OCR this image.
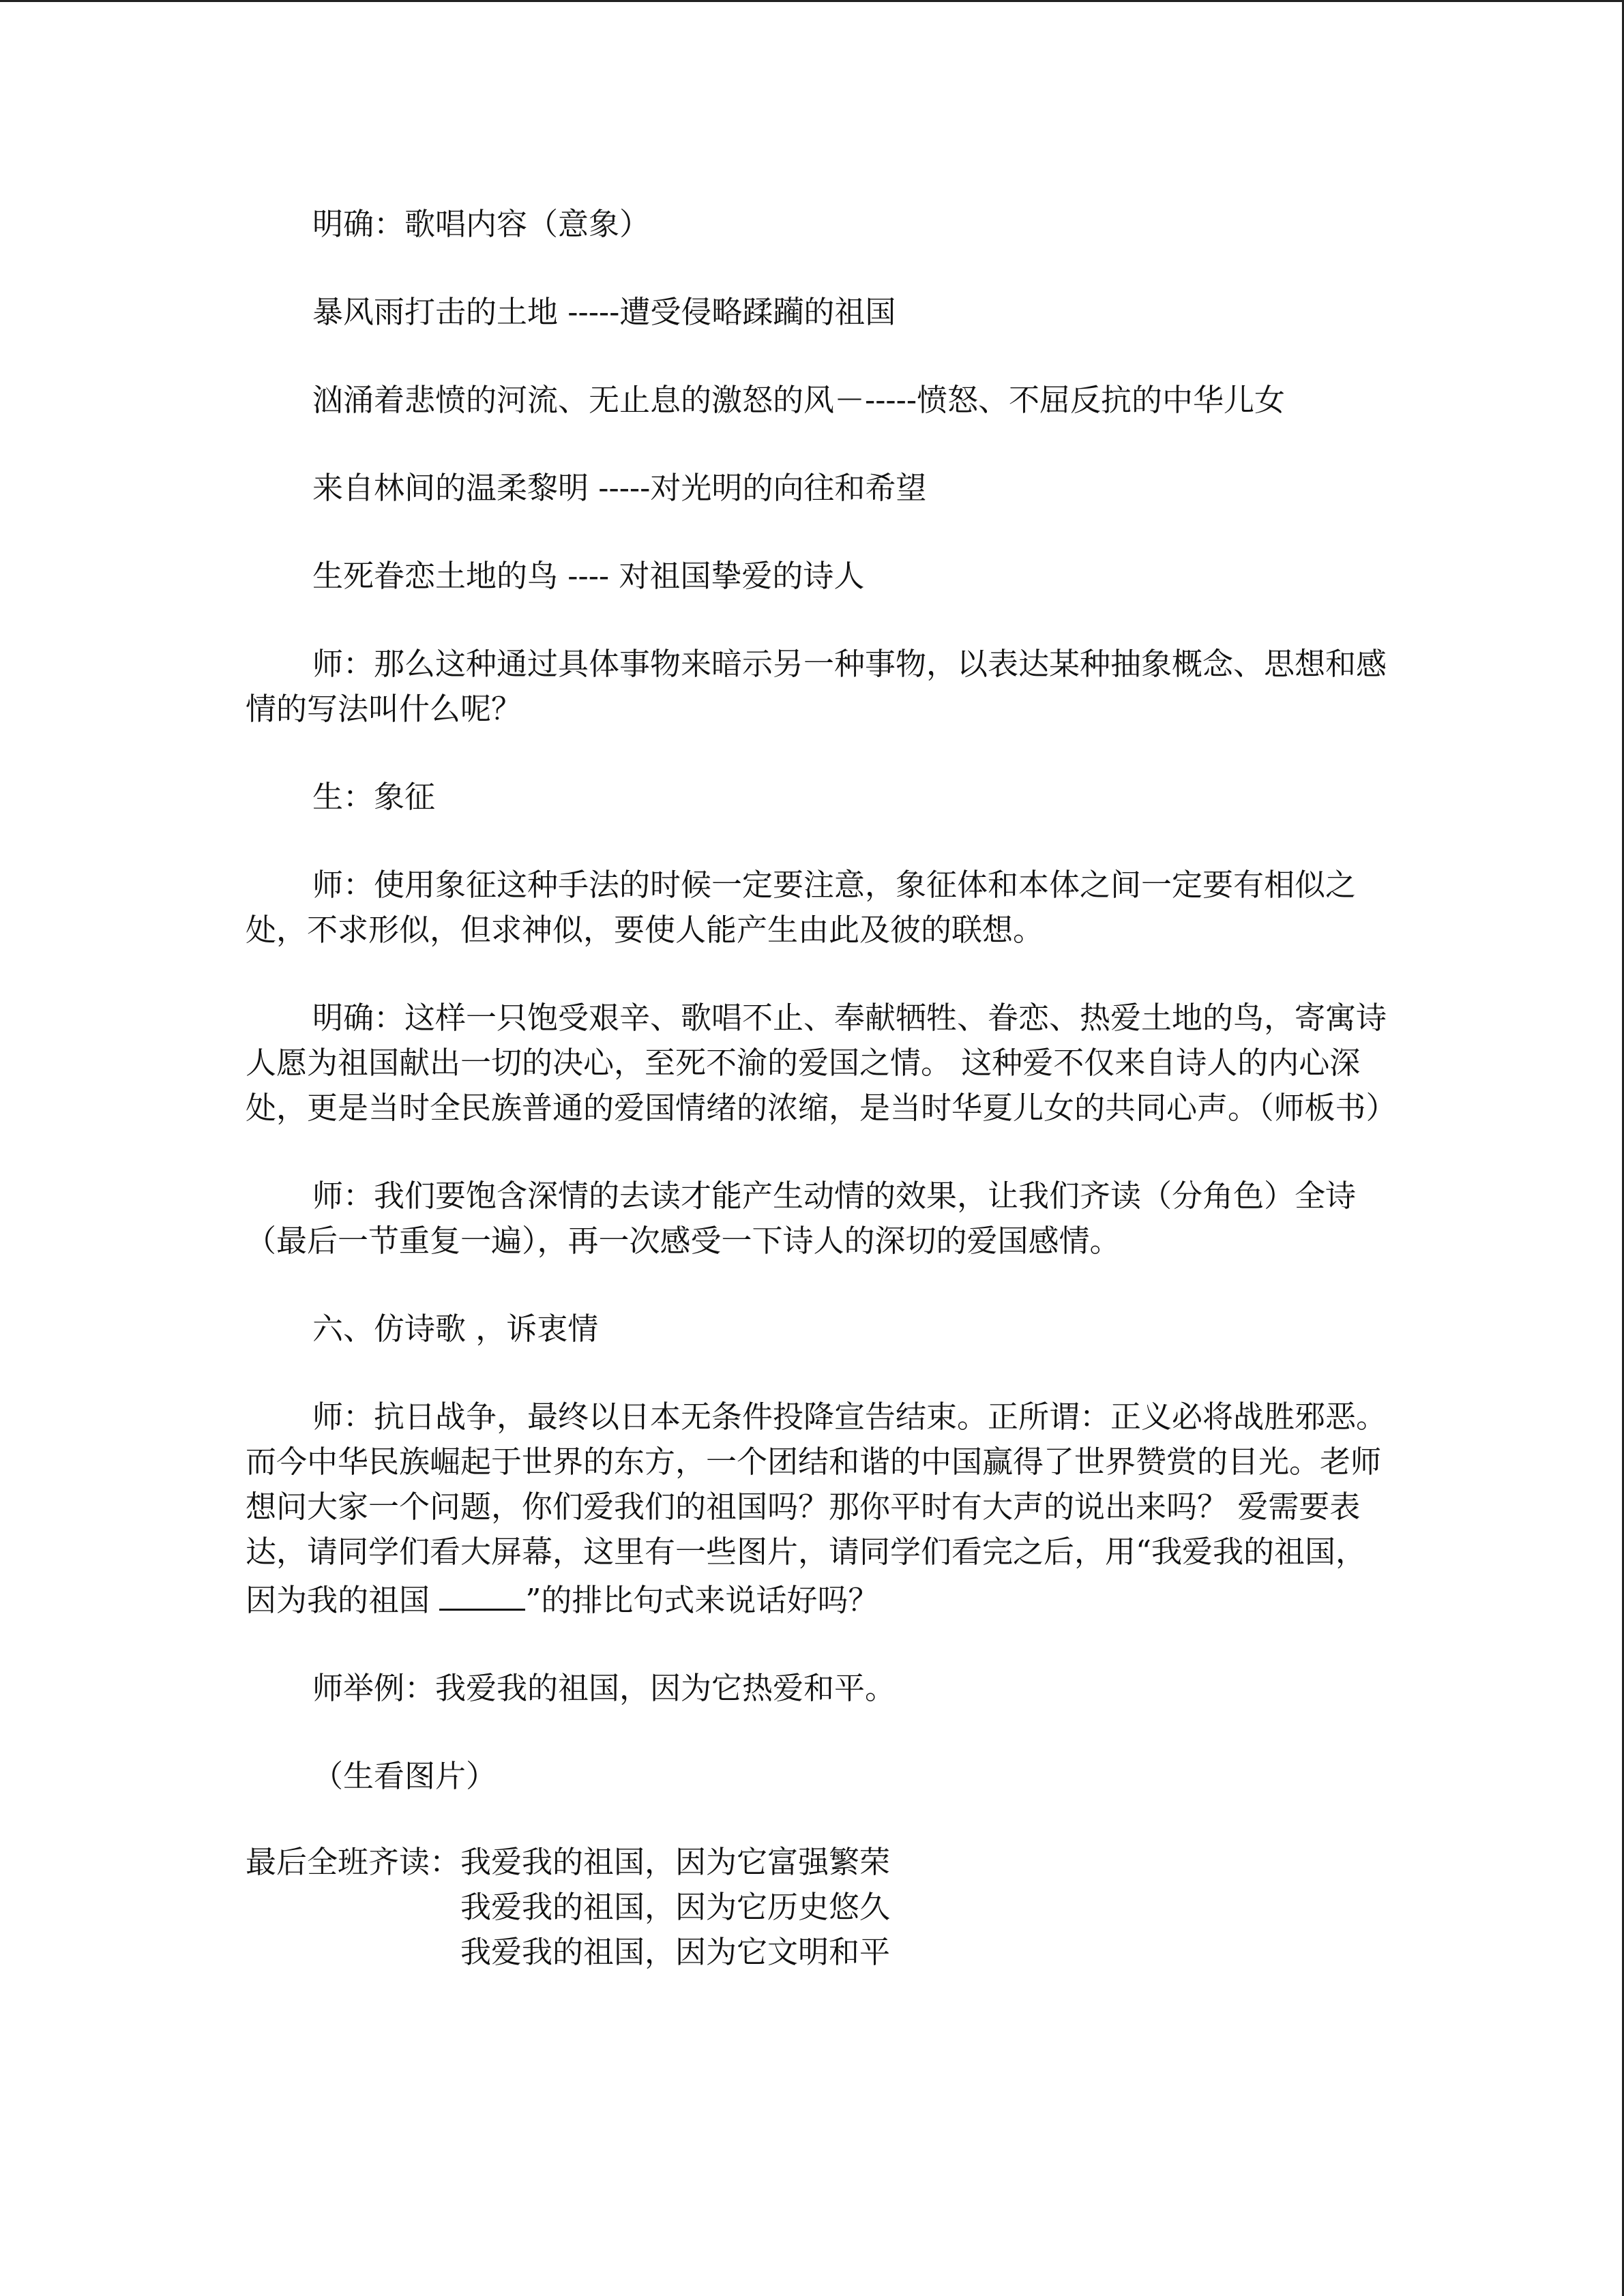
明确：歌唱内容（意象）

暴风雨打击的土地 -----遭受侵略蹂躏的祖国

汹涌着悲愤的河流、无止息的激怒的风－-----愤怒、不屈反抗的中华儿女

来自林间的温柔黎明 -----对光明的向往和希望

生死眷恋土地的鸟 ---- 对祖国挚爱的诗人

师：那么这种通过具体事物来暗示另一种事物，以表达某种抽象概念、思想和感情的写法叫什么呢？

生：象征

师：使用象征这种手法的时候一定要注意，象征体和本体之间一定要有相似之处，不求形似，但求神似，要使人能产生由此及彼的联想。

明确：这样一只饱受艰辛、歌唱不止、奉献牺牲、眷恋、热爱土地的鸟，寄寓诗人愿为祖国献出一切的决心，至死不渝的爱国之情。 这种爱不仅来自诗人的内心深处，更是当时全民族普通的爱国情绪的浓缩，是当时华夏儿女的共同心声。（师板书）

师：我们要饱含深情的去读才能产生动情的效果，让我们齐读（分角色）全诗（最后一节重复一遍），再一次感受一下诗人的深切的爱国感情。

六、仿诗歌 ，诉衷情

师：抗日战争，最终以日本无条件投降宣告结束。正所谓：正义必将战胜邪恶。而今中华民族崛起于世界的东方，一个团结和谐的中国赢得了世界赞赏的目光。老师想问大家一个问题，你们爱我们的祖国吗？那你平时有大声的说出来吗？ 爱需要表达，请同学们看大屏幕，这里有一些图片，请同学们看完之后，用“我爱我的祖国，因为我的祖国	”的排比句式来说话好吗？

师举例：我爱我的祖国，因为它热爱和平。

（生看图片）

最后全班齐读： 我爱我的祖国，因为它富强繁荣

我爱我的祖国，因为它历史悠久

我爱我的祖国，因为它文明和平
